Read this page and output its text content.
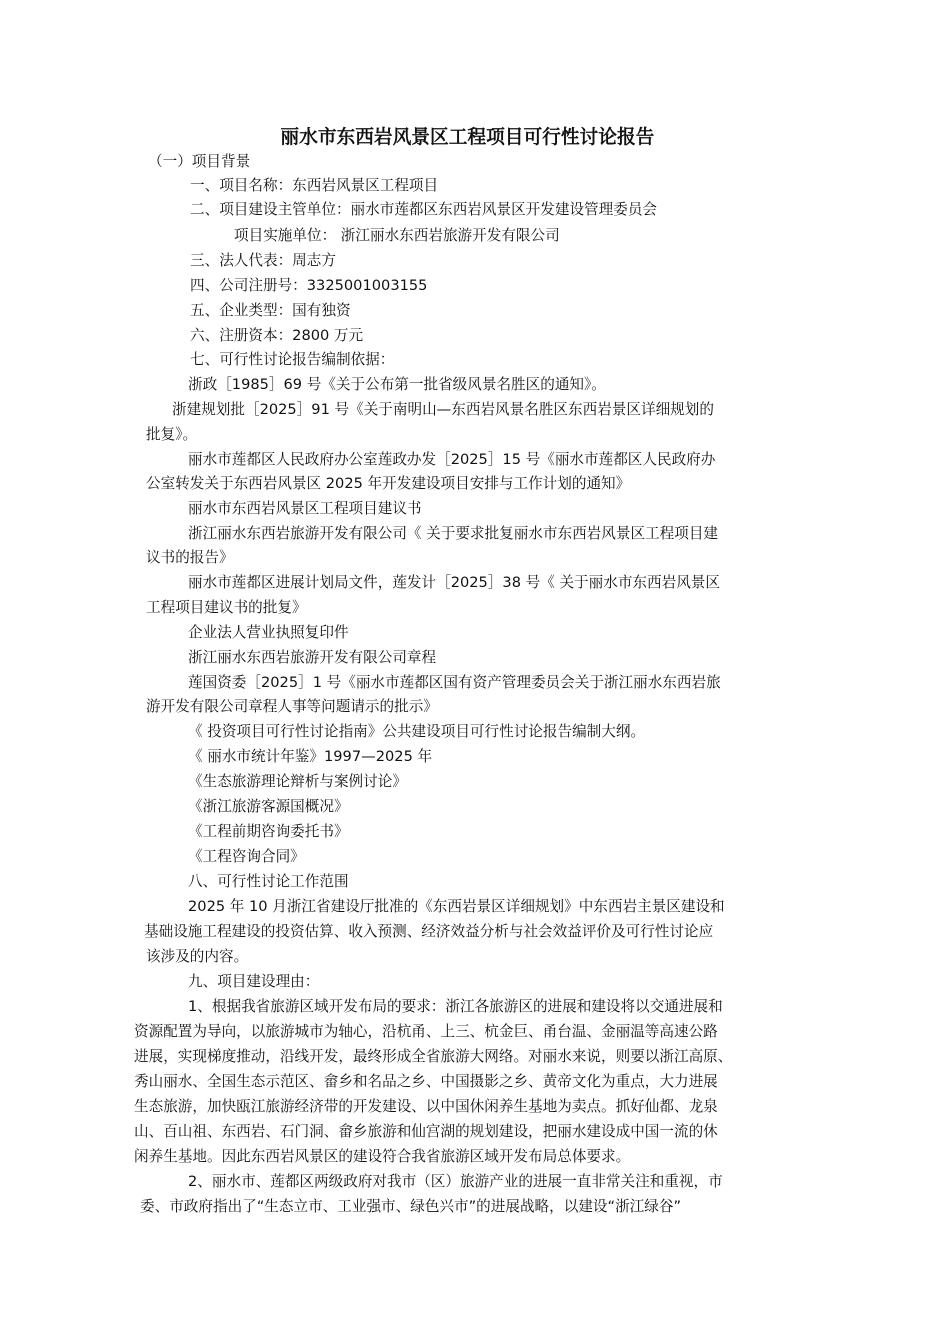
丽水市东西岩风景区工程项目可行性讨论报告
（一）项目背景
一、项目名称：东西岩风景区工程项目
二、项目建设主管单位：丽水市莲都区东西岩风景区开发建设管理委员会
项目实施单位： 浙江丽水东西岩旅游开发有限公司
三、法人代表：周志方
四、公司注册号：3325001003155
五、企业类型：国有独资
六、注册资本：2800 万元
七、可行性讨论报告编制依据：
浙政［1985］69 号《关于公布第一批省级风景名胜区的通知》。
浙建规划批［2025］91 号《关于南明山—东西岩风景名胜区东西岩景区详细规划的
批复》。
丽水市莲都区人民政府办公室莲政办发［2025］15 号《丽水市莲都区人民政府办
公室转发关于东西岩风景区 2025 年开发建设项目安排与工作计划的通知》
丽水市东西岩风景区工程项目建议书
浙江丽水东西岩旅游开发有限公司《 关于要求批复丽水市东西岩风景区工程项目建
议书的报告》
丽水市莲都区进展计划局文件，莲发计［2025］38 号《 关于丽水市东西岩风景区
工程项目建议书的批复》
企业法人营业执照复印件
浙江丽水东西岩旅游开发有限公司章程
莲国资委［2025］1 号《丽水市莲都区国有资产管理委员会关于浙江丽水东西岩旅
游开发有限公司章程人事等问题请示的批示》
《 投资项目可行性讨论指南》公共建设项目可行性讨论报告编制大纲。
《 丽水市统计年鉴》1997—2025 年
《生态旅游理论辩析与案例讨论》
《浙江旅游客源国概况》
《工程前期咨询委托书》
《工程咨询合同》
八、可行性讨论工作范围
2025 年 10 月浙江省建设厅批准的《东西岩景区详细规划》中东西岩主景区建设和
基础设施工程建设的投资估算、收入预测、经济效益分析与社会效益评价及可行性讨论应
该涉及的内容。
九、项目建设理由：
1、根据我省旅游区域开发布局的要求：浙江各旅游区的进展和建设将以交通进展和
资源配置为导向，以旅游城市为轴心，沿杭甬、上三、杭金巨、甬台温、金丽温等高速公路
进展，实现梯度推动，沿线开发，最终形成全省旅游大网络。对丽水来说，则要以浙江高原、
秀山丽水、全国生态示范区、畲乡和名品之乡、中国摄影之乡、黄帝文化为重点，大力进展
生态旅游，加快瓯江旅游经济带的开发建设、以中国休闲养生基地为卖点。抓好仙都、龙泉
山、百山祖、东西岩、石门洞、畲乡旅游和仙宫湖的规划建设，把丽水建设成中国一流的休
闲养生基地。因此东西岩风景区的建设符合我省旅游区域开发布局总体要求。
2、丽水市、莲都区两级政府对我市（区）旅游产业的进展一直非常关注和重视，市
委、市政府指出了“生态立市、工业强市、绿色兴市”的进展战略，以建设“浙江绿谷”
